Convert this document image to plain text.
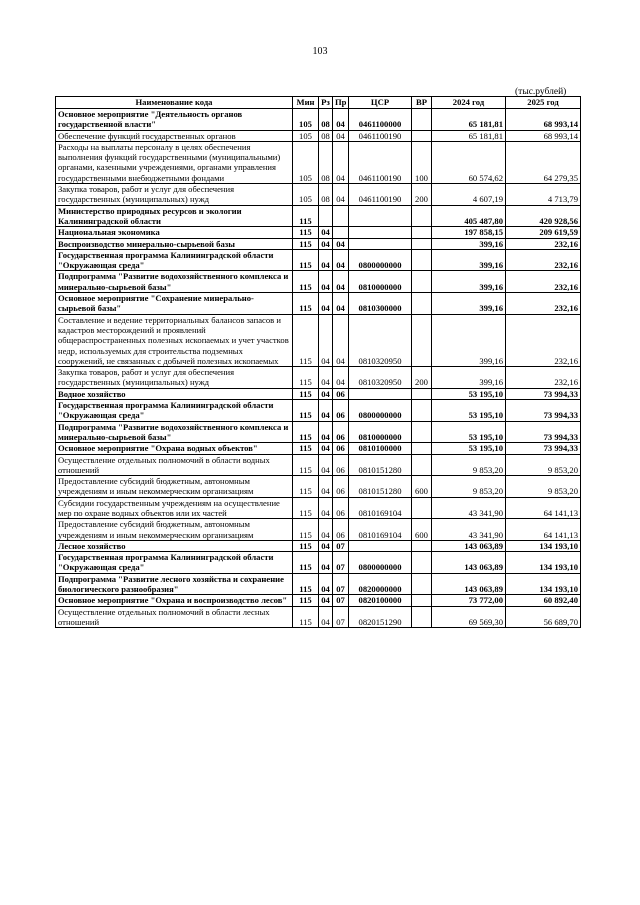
103
(тыс.рублей)
Наименование кода	Мин	Рз	Пр	ЦСР	ВР	2024 год	2025 год
Основное мероприятие "Деятельность органов государственной власти"	105	08	04	0461100000		65 181,81	68 993,14
Обеспечение функций государственных органов	105	08	04	0461100190		65 181,81	68 993,14
Расходы на выплаты персоналу в целях обеспечения выполнения функций государственными (муниципальными) органами, казенными учреждениями, органами управления государственными внебюджетными фондами	105	08	04	0461100190	100	60 574,62	64 279,35
Закупка товаров, работ и услуг для обеспечения государственных (муниципальных) нужд	105	08	04	0461100190	200	4 607,19	4 713,79
Министерство природных ресурсов и экологии Калининградской области	115					405 487,80	420 928,56
Национальная экономика	115	04				197 858,15	209 619,59
Воспроизводство минерально-сырьевой базы	115	04	04			399,16	232,16
Государственная программа Калининградской области "Окружающая среда"	115	04	04	0800000000		399,16	232,16
Подпрограмма "Развитие водохозяйственного комплекса и минерально-сырьевой базы"	115	04	04	0810000000		399,16	232,16
Основное мероприятие "Сохранение минерально-сырьевой базы"	115	04	04	0810300000		399,16	232,16
Составление и ведение территориальных балансов запасов и кадастров месторождений и проявлений общераспространенных полезных ископаемых и учет участков недр, используемых для строительства подземных сооружений, не связанных с добычей полезных ископаемых	115	04	04	0810320950		399,16	232,16
Закупка товаров, работ и услуг для обеспечения государственных (муниципальных) нужд	115	04	04	0810320950	200	399,16	232,16
Водное хозяйство	115	04	06			53 195,10	73 994,33
Государственная программа Калининградской области "Окружающая среда"	115	04	06	0800000000		53 195,10	73 994,33
Подпрограмма "Развитие водохозяйственного комплекса и минерально-сырьевой базы"	115	04	06	0810000000		53 195,10	73 994,33
Основное мероприятие "Охрана водных объектов"	115	04	06	0810100000		53 195,10	73 994,33
Осуществление отдельных полномочий в области водных отношений	115	04	06	0810151280		9 853,20	9 853,20
Предоставление субсидий бюджетным, автономным учреждениям и иным некоммерческим организациям	115	04	06	0810151280	600	9 853,20	9 853,20
Субсидии государственным учреждениям на осуществление мер по охране водных объектов или их частей	115	04	06	0810169104		43 341,90	64 141,13
Предоставление субсидий бюджетным, автономным учреждениям и иным некоммерческим организациям	115	04	06	0810169104	600	43 341,90	64 141,13
Лесное хозяйство	115	04	07			143 063,89	134 193,10
Государственная программа Калининградской области "Окружающая среда"	115	04	07	0800000000		143 063,89	134 193,10
Подпрограмма "Развитие лесного хозяйства и сохранение биологического разнообразия"	115	04	07	0820000000		143 063,89	134 193,10
Основное мероприятие "Охрана и воспроизводство лесов"	115	04	07	0820100000		73 772,00	60 892,40
Осуществление отдельных полномочий в области лесных отношений	115	04	07	0820151290		69 569,30	56 689,70
